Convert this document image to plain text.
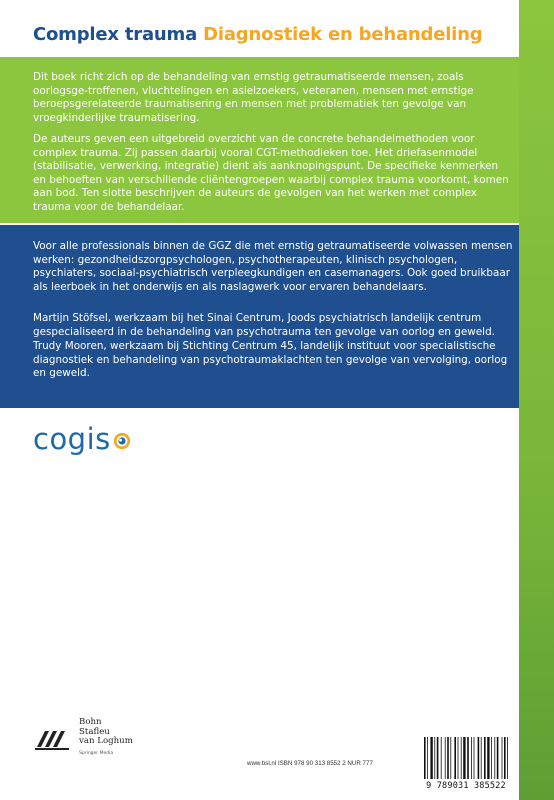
Complex trauma Diagnostiek en behandeling

Dit boek richt zich op de behandeling van ernstig getraumatiseerde mensen, zoals oorlogsge-troffenen, vluchtelingen en asielzoekers, veteranen, mensen met ernstige beroepsgerelateerde traumatisering en mensen met problematiek ten gevolge van vroegkinderlijke traumatisering.

De auteurs geven een uitgebreid overzicht van de concrete behandelmethoden voor complex trauma. Zij passen daarbij vooral CGT-methodieken toe. Het driefasenmodel (stabilisatie, verwerking, integratie) dient als aanknopingspunt. De specifieke kenmerken en behoeften van verschillende cliëntengroepen waarbij complex trauma voorkomt, komen aan bod. Ten slotte beschrijven de auteurs de gevolgen van het werken met complex trauma voor de behandelaar.

Voor alle professionals binnen de GGZ die met ernstig getraumatiseerde volwassen mensen werken: gezondheidszorgpsychologen, psychotherapeuten, klinisch psychologen, psychiaters, sociaal-psychiatrisch verpleegkundigen en casemanagers. Ook goed bruikbaar als leerboek in het onderwijs en als naslagwerk voor ervaren behandelaars.

Martijn Stöfsel, werkzaam bij het Sinai Centrum, Joods psychiatrisch landelijk centrum gespecialiseerd in de behandeling van psychotrauma ten gevolge van oorlog en geweld.

Trudy Mooren, werkzaam bij Stichting Centrum 45, landelijk instituut voor specialistische diagnostiek en behandeling van psychotraumaklachten ten gevolge van vervolging, oorlog en geweld.

cogis
Bohn
Stafleu
van Loghum
Springer Media
www.bsl.nl ISBN 978 90 313 8552 2 NUR 777
9 789031 385522
